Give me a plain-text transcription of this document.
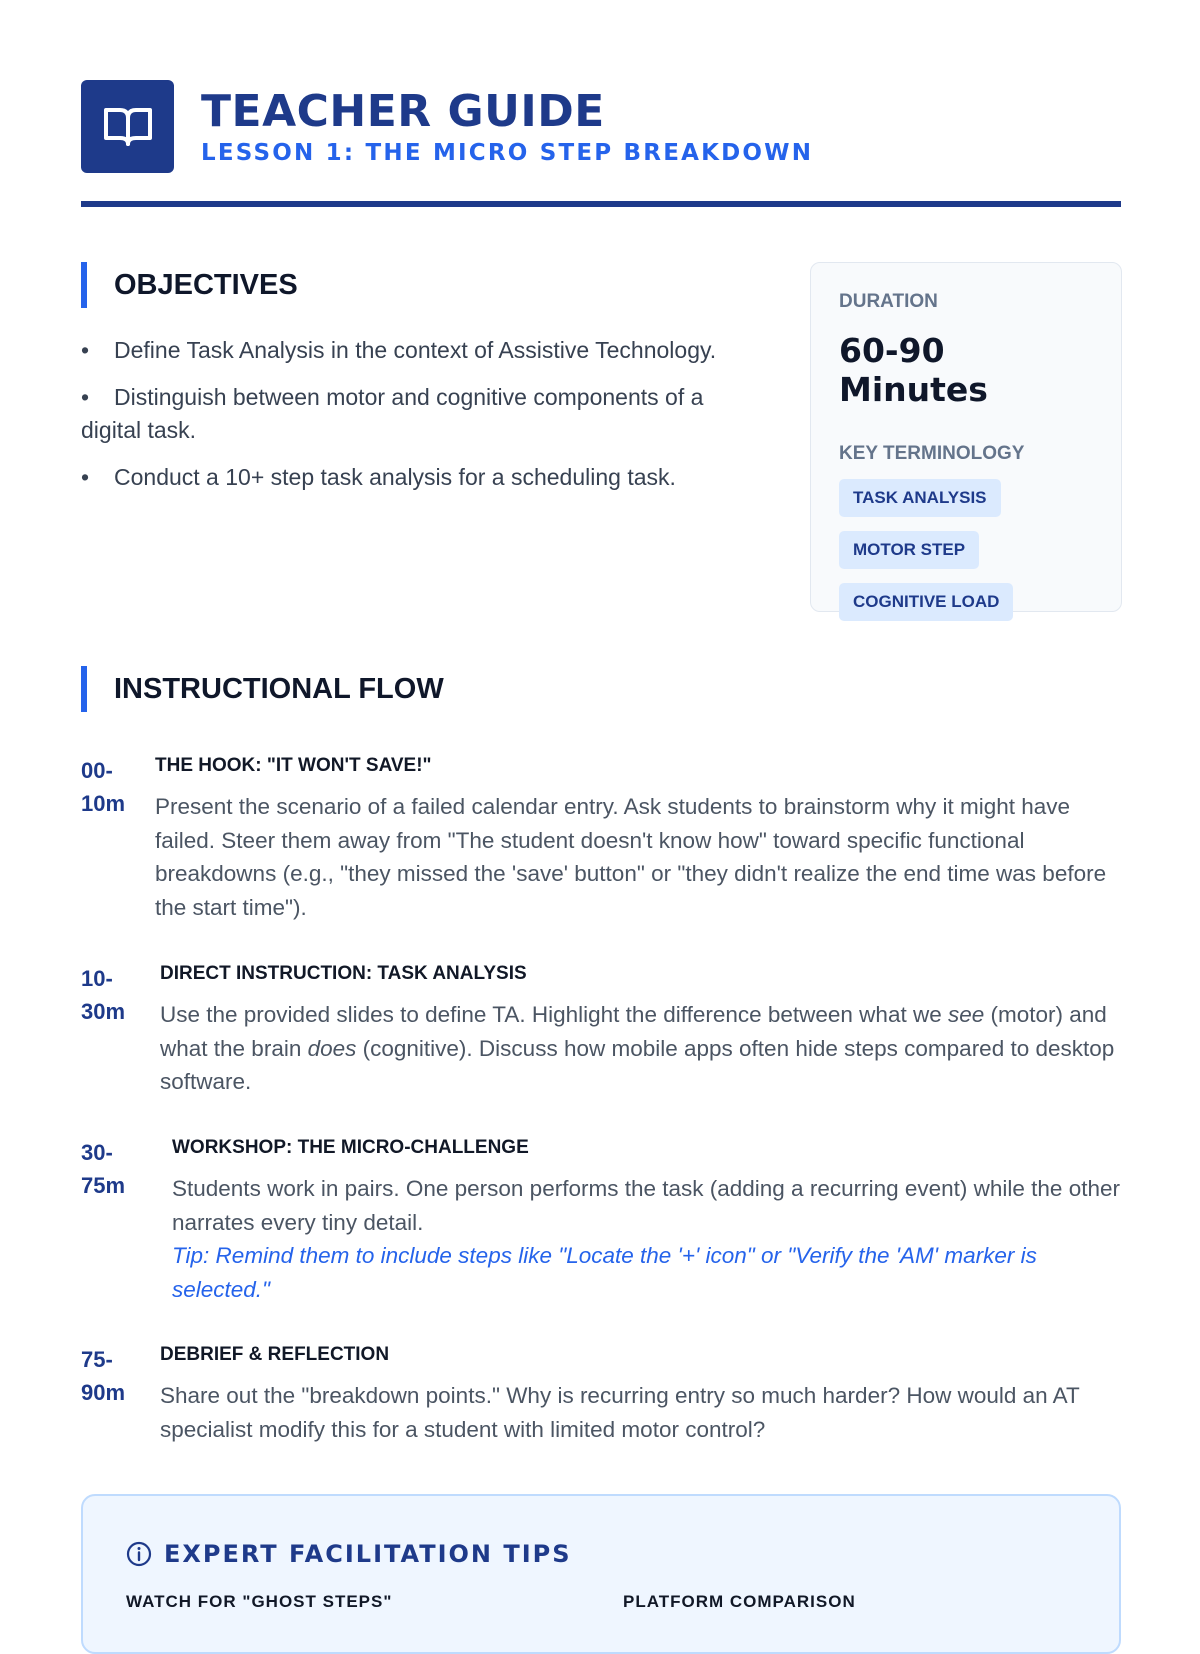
TEACHER GUIDE
LESSON 1: THE MICRO STEP BREAKDOWN
OBJECTIVES
• Define Task Analysis in the context of Assistive Technology.
• Distinguish between motor and cognitive components of a digital task.
• Conduct a 10+ step task analysis for a scheduling task.
DURATION
60-90 Minutes
KEY TERMINOLOGY
TASK ANALYSIS
MOTOR STEP
COGNITIVE LOAD
INSTRUCTIONAL FLOW
00-
10m
THE HOOK: "IT WON'T SAVE!"
Present the scenario of a failed calendar entry. Ask students to brainstorm why it might have failed. Steer them away from "The student doesn't know how" toward specific functional breakdowns (e.g., "they missed the 'save' button" or "they didn't realize the end time was before the start time").
10-
30m
DIRECT INSTRUCTION: TASK ANALYSIS
Use the provided slides to define TA. Highlight the difference between what we see (motor) and what the brain does (cognitive). Discuss how mobile apps often hide steps compared to desktop software.
30-
75m
WORKSHOP: THE MICRO-CHALLENGE
Students work in pairs. One person performs the task (adding a recurring event) while the other narrates every tiny detail.
Tip: Remind them to include steps like "Locate the '+' icon" or "Verify the 'AM' marker is selected."
75-
90m
DEBRIEF & REFLECTION
Share out the "breakdown points." Why is recurring entry so much harder? How would an AT specialist modify this for a student with limited motor control?
EXPERT FACILITATION TIPS
WATCH FOR "GHOST STEPS"	PLATFORM COMPARISON
